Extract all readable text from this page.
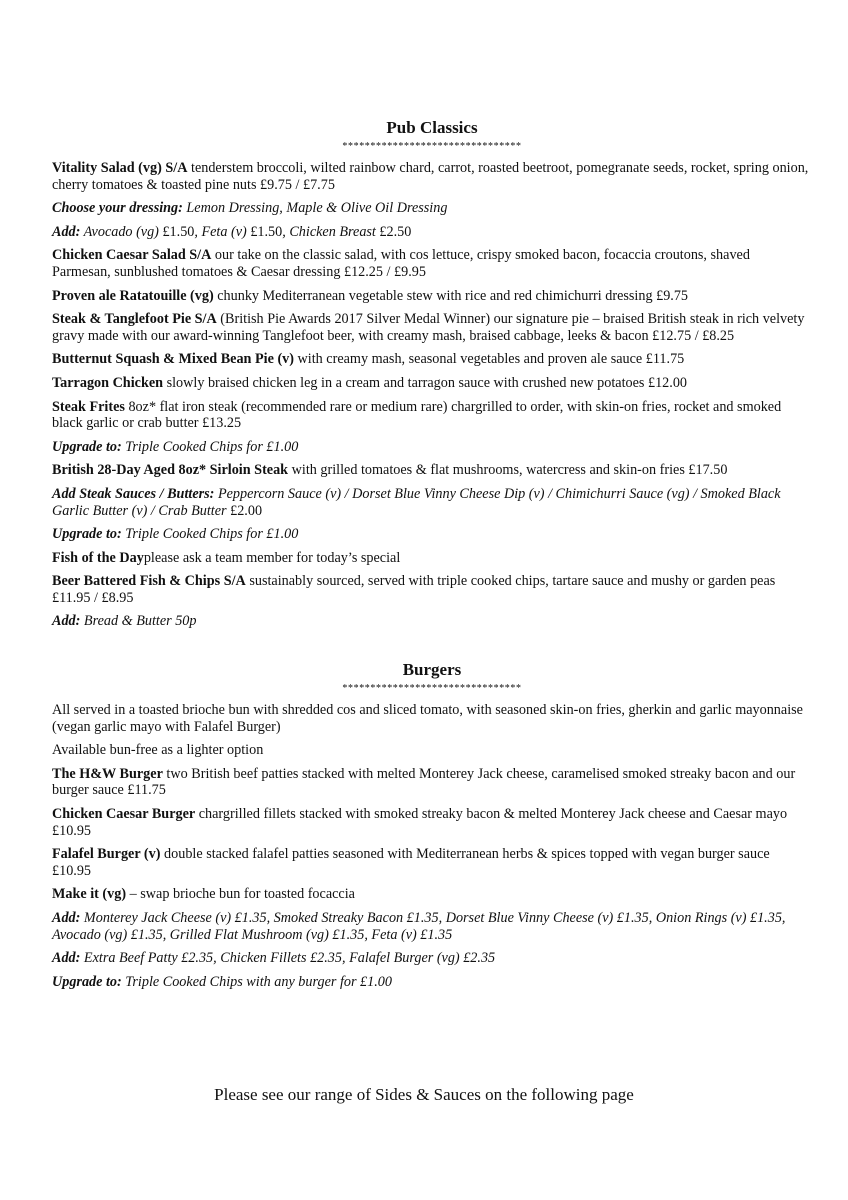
Pub Classics
********************************

Vitality Salad (vg) S/A tenderstem broccoli, wilted rainbow chard, carrot, roasted beetroot, pomegranate seeds, rocket, spring onion, cherry tomatoes & toasted pine nuts £9.75 / £7.75

Choose your dressing: Lemon Dressing, Maple & Olive Oil Dressing

Add: Avocado (vg) £1.50, Feta (v) £1.50, Chicken Breast £2.50

Chicken Caesar Salad S/A our take on the classic salad, with cos lettuce, crispy smoked bacon, focaccia croutons, shaved Parmesan, sunblushed tomatoes & Caesar dressing £12.25 / £9.95

Proven ale Ratatouille (vg) chunky Mediterranean vegetable stew with rice and red chimichurri dressing £9.75

Steak & Tanglefoot Pie S/A (British Pie Awards 2017 Silver Medal Winner) our signature pie – braised British steak in rich velvety gravy made with our award-winning Tanglefoot beer, with creamy mash, braised cabbage, leeks & bacon £12.75 / £8.25

Butternut Squash & Mixed Bean Pie (v) with creamy mash, seasonal vegetables and proven ale sauce £11.75

Tarragon Chicken slowly braised chicken leg in a cream and tarragon sauce with crushed new potatoes £12.00

Steak Frites 8oz* flat iron steak (recommended rare or medium rare) chargrilled to order, with skin-on fries, rocket and smoked black garlic or crab butter £13.25

Upgrade to: Triple Cooked Chips for £1.00

British 28-Day Aged 8oz* Sirloin Steak with grilled tomatoes & flat mushrooms, watercress and skin-on fries £17.50

Add Steak Sauces / Butters: Peppercorn Sauce (v) / Dorset Blue Vinny Cheese Dip (v) / Chimichurri Sauce (vg) / Smoked Black Garlic Butter (v) / Crab Butter £2.00

Upgrade to: Triple Cooked Chips for £1.00

Fish of the Dayplease ask a team member for today’s special

Beer Battered Fish & Chips S/A sustainably sourced, served with triple cooked chips, tartare sauce and mushy or garden peas £11.95 / £8.95

Add: Bread & Butter 50p

Burgers
********************************

All served in a toasted brioche bun with shredded cos and sliced tomato, with seasoned skin-on fries, gherkin and garlic mayonnaise (vegan garlic mayo with Falafel Burger)

Available bun-free as a lighter option

The H&W Burger two British beef patties stacked with melted Monterey Jack cheese, caramelised smoked streaky bacon and our burger sauce £11.75

Chicken Caesar Burger chargrilled fillets stacked with smoked streaky bacon & melted Monterey Jack cheese and Caesar mayo £10.95

Falafel Burger (v) double stacked falafel patties seasoned with Mediterranean herbs & spices topped with vegan burger sauce £10.95

Make it (vg) – swap brioche bun for toasted focaccia

Add: Monterey Jack Cheese (v) £1.35, Smoked Streaky Bacon £1.35, Dorset Blue Vinny Cheese (v) £1.35, Onion Rings (v) £1.35, Avocado (vg) £1.35, Grilled Flat Mushroom (vg) £1.35, Feta (v) £1.35

Add: Extra Beef Patty £2.35, Chicken Fillets £2.35, Falafel Burger (vg) £2.35

Upgrade to: Triple Cooked Chips with any burger for £1.00

Please see our range of Sides & Sauces on the following page
